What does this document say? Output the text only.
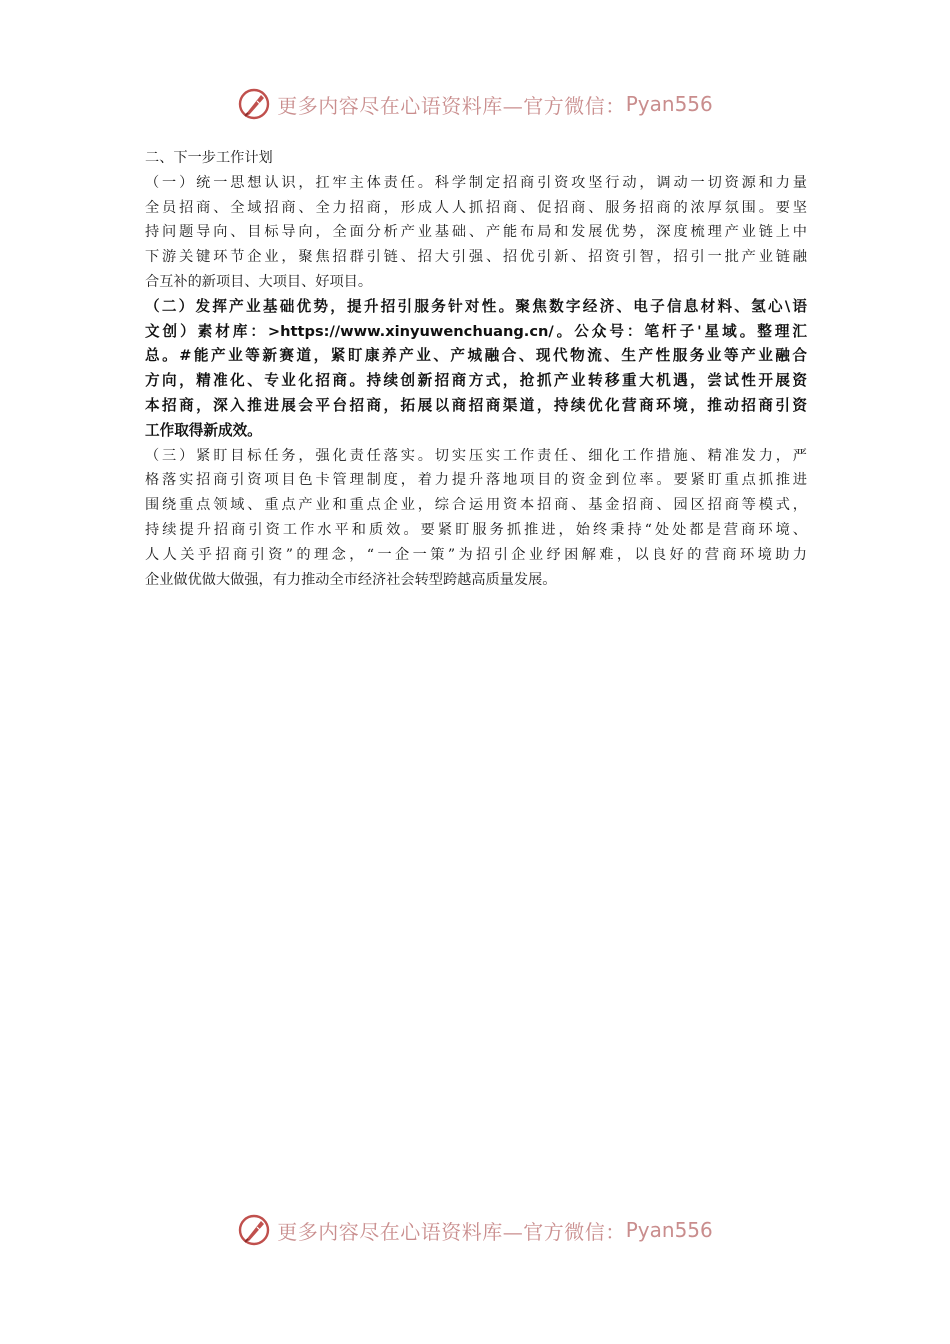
更多内容尽在心语资料库—官方微信： Pyan556
二、下一步工作计划
（一）统一思想认识，扛牢主体责任。科学制定招商引资攻坚行动，调动一切资源和力量
全员招商、全域招商、全力招商，形成人人抓招商、促招商、服务招商的浓厚氛围。要坚
持问题导向、目标导向，全面分析产业基础、产能布局和发展优势，深度梳理产业链上中
下游关键环节企业，聚焦招群引链、招大引强、招优引新、招资引智，招引一批产业链融
合互补的新项目、大项目、好项目。
（二）发挥产业基础优势，提升招引服务针对性。聚焦数字经济、电子信息材料、氢心\语
文创）素材库：>https://www.xinyuwenchuang.cn/。公众号：笔杆子'星域。整理汇
总。#能产业等新赛道，紧盯康养产业、产城融合、现代物流、生产性服务业等产业融合
方向，精准化、专业化招商。持续创新招商方式，抢抓产业转移重大机遇，尝试性开展资
本招商，深入推进展会平台招商，拓展以商招商渠道，持续优化营商环境，推动招商引资
工作取得新成效。
（三）紧盯目标任务，强化责任落实。切实压实工作责任、细化工作措施、精准发力，严
格落实招商引资项目色卡管理制度，着力提升落地项目的资金到位率。要紧盯重点抓推进
围绕重点领域、重点产业和重点企业，综合运用资本招商、基金招商、园区招商等模式，
持续提升招商引资工作水平和质效。要紧盯服务抓推进，始终秉持“处处都是营商环境、
人人关乎招商引资”的理念，“一企一策”为招引企业纾困解难，以良好的营商环境助力
企业做优做大做强，有力推动全市经济社会转型跨越高质量发展。
更多内容尽在心语资料库—官方微信： Pyan556
